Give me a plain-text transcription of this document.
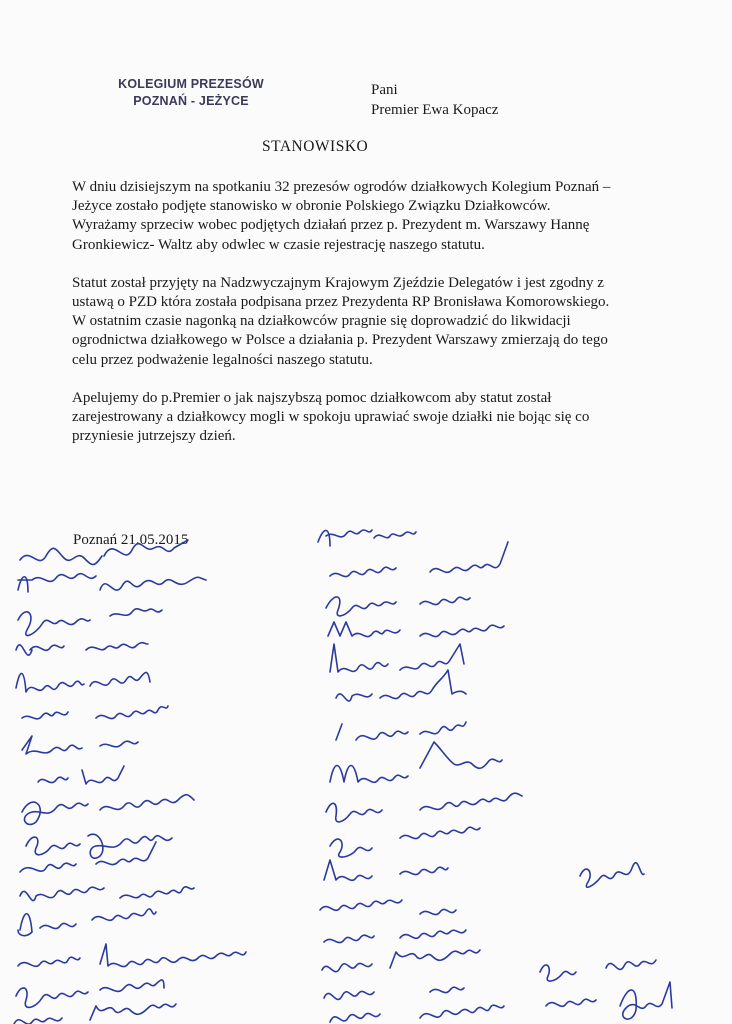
KOLEGIUM PREZESÓW
POZNAŃ - JEŻYCE
Pani
Premier Ewa Kopacz
STANOWISKO

W dniu dzisiejszym na spotkaniu 32 prezesów ogrodów działkowych Kolegium Poznań – Jeżyce zostało podjęte stanowisko w obronie Polskiego Związku Działkowców.

Wyrażamy sprzeciw wobec podjętych działań przez p. Prezydent m. Warszawy Hannę Gronkiewicz- Waltz aby odwlec w czasie rejestrację naszego statutu.

Statut został przyjęty na Nadzwyczajnym Krajowym Zjeździe Delegatów i jest zgodny z ustawą o PZD która została podpisana przez Prezydenta RP Bronisława Komorowskiego.

W ostatnim czasie nagonką na działkowców pragnie się doprowadzić do likwidacji ogrodnictwa działkowego w Polsce a działania p. Prezydent Warszawy zmierzają do tego celu przez podważenie legalności naszego statutu.

Apelujemy do p.Premier o jak najszybszą pomoc działkowcom aby statut został zarejestrowany a działkowcy mogli w spokoju uprawiać swoje działki nie bojąc się co przyniesie jutrzejszy dzień.

Poznań 21.05.2015
